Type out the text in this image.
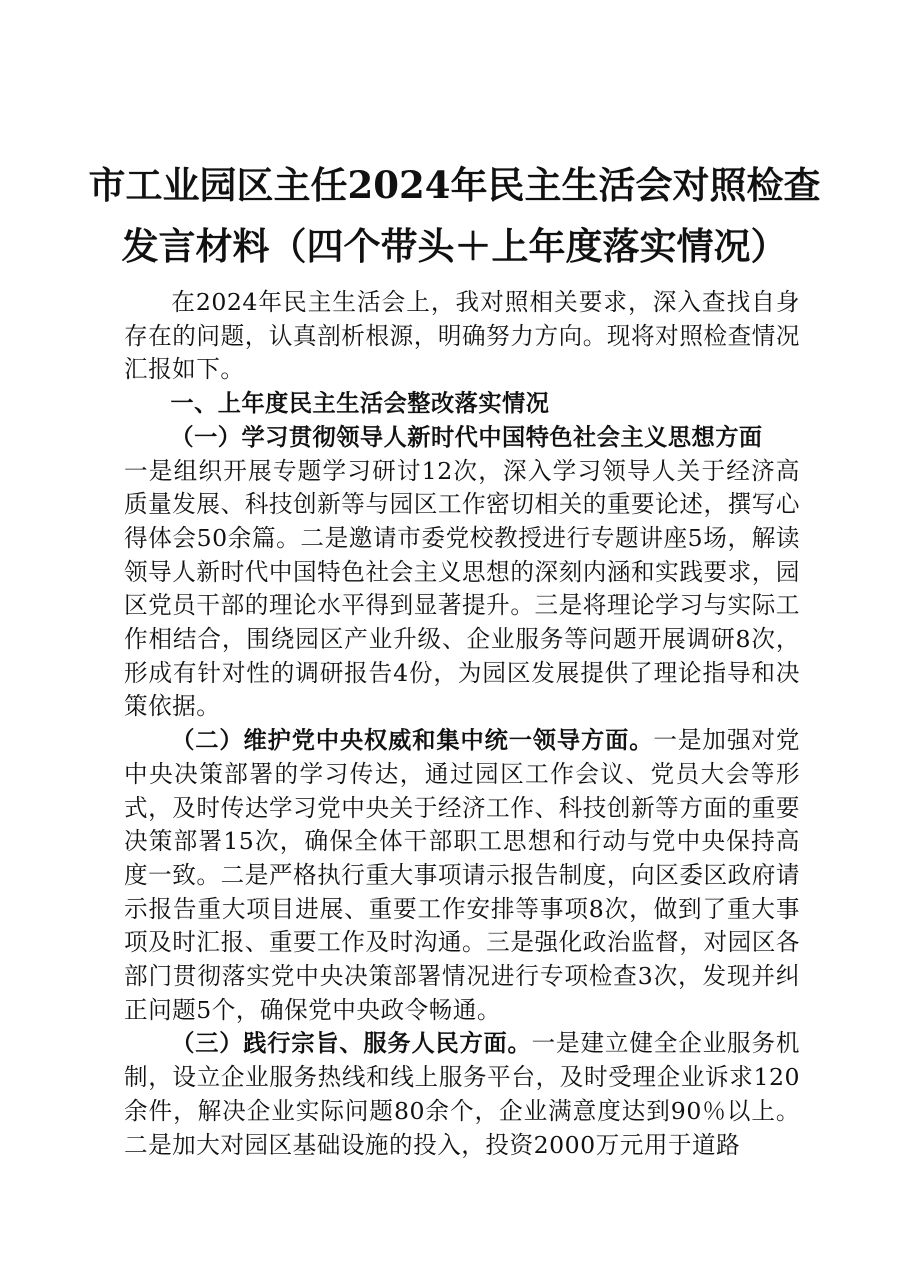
市工业园区主任2024年民主生活会对照检查
发言材料（四个带头＋上年度落实情况）

在2024年民主生活会上，我对照相关要求，深入查找自身存在的问题，认真剖析根源，明确努力方向。现将对照检查情况汇报如下。

一、上年度民主生活会整改落实情况

（一）学习贯彻领导人新时代中国特色社会主义思想方面

一是组织开展专题学习研讨12次，深入学习领导人关于经济高质量发展、科技创新等与园区工作密切相关的重要论述，撰写心得体会50余篇。二是邀请市委党校教授进行专题讲座5场，解读领导人新时代中国特色社会主义思想的深刻内涵和实践要求，园区党员干部的理论水平得到显著提升。三是将理论学习与实际工作相结合，围绕园区产业升级、企业服务等问题开展调研8次，形成有针对性的调研报告4份，为园区发展提供了理论指导和决策依据。

（二）维护党中央权威和集中统一领导方面。一是加强对党中央决策部署的学习传达，通过园区工作会议、党员大会等形式，及时传达学习党中央关于经济工作、科技创新等方面的重要决策部署15次，确保全体干部职工思想和行动与党中央保持高度一致。二是严格执行重大事项请示报告制度，向区委区政府请示报告重大项目进展、重要工作安排等事项8次，做到了重大事项及时汇报、重要工作及时沟通。三是强化政治监督，对园区各部门贯彻落实党中央决策部署情况进行专项检查3次，发现并纠正问题5个，确保党中央政令畅通。

（三）践行宗旨、服务人民方面。一是建立健全企业服务机制，设立企业服务热线和线上服务平台，及时受理企业诉求120余件，解决企业实际问题80余个，企业满意度达到90％以上。二是加大对园区基础设施的投入，投资2000万元用于道路
